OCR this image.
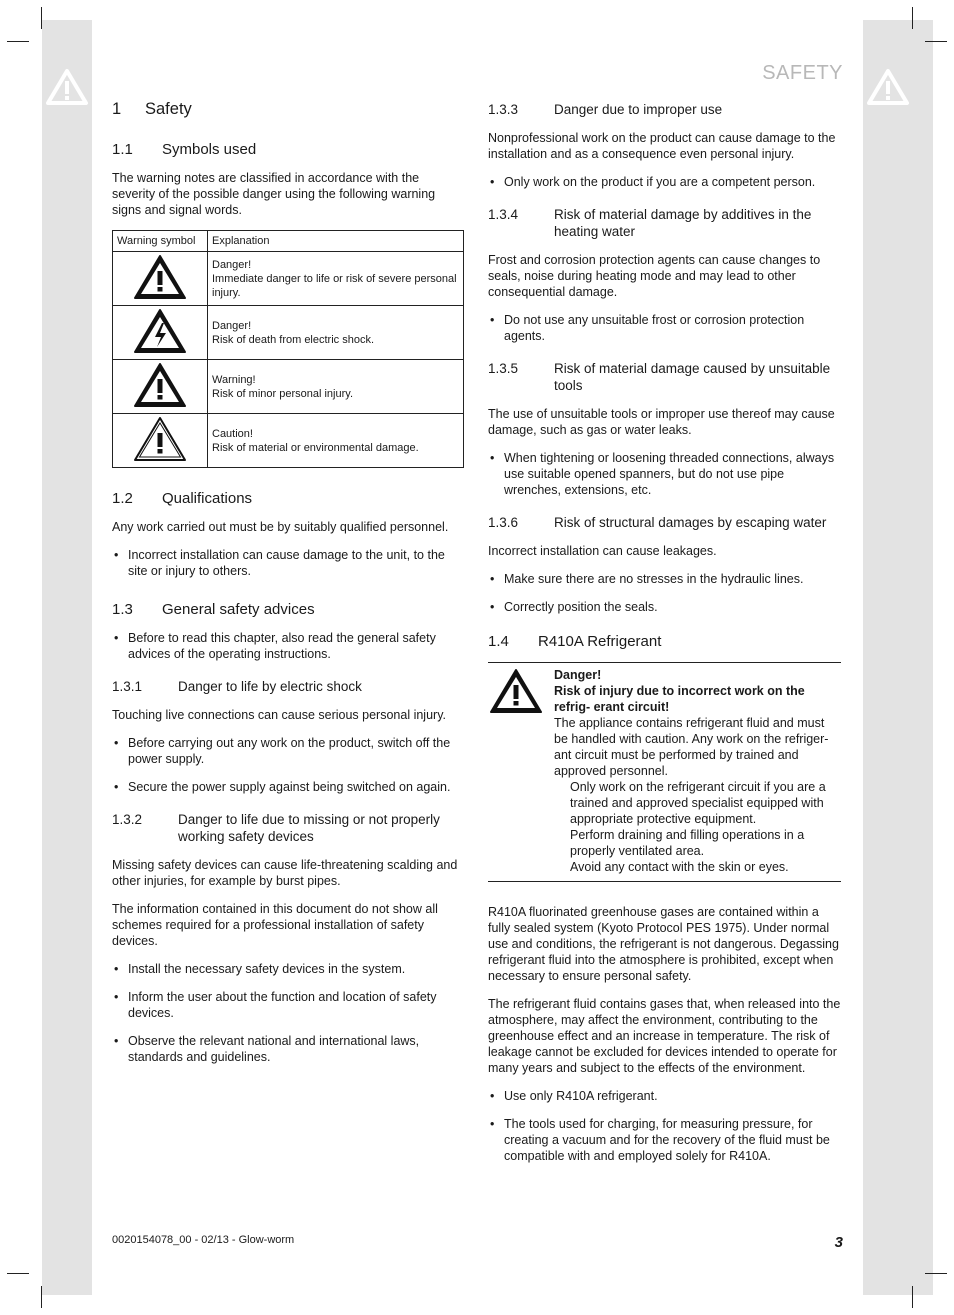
SAFETY
1	Safety
1.1	Symbols used

The warning notes are classified in accordance with the severity of the possible danger using the following warning signs and signal words.

Warning symbol	Explanation

Danger!
Immediate danger to life or risk of severe personal injury.

Danger!
Risk of death from electric shock.

Warning!
Risk of minor personal injury.

Caution!
Risk of material or environmental damage.
1.2	Qualifications

Any work carried out must be by suitably qualified personnel.

• Incorrect installation can cause damage to the unit, to the site or injury to others.
1.3	General safety advices
• Before to read this chapter, also read the general safety advices of the operating instructions.
1.3.1	Danger to life by electric shock

Touching live connections can cause serious personal injury.

• Before carrying out any work on the product, switch off the power supply.
• Secure the power supply against being switched on again.
1.3.2	Danger to life due to missing or not properly working safety devices

Missing safety devices can cause life-threatening scalding and other injuries, for example by burst pipes.

The information contained in this document do not show all schemes required for a professional installation of safety devices.

• Install the necessary safety devices in the system.
• Inform the user about the function and location of safety devices.
• Observe the relevant national and international laws, standards and guidelines.
1.3.3	Danger due to improper use

Nonprofessional work on the product can cause damage to the installation and as a consequence even personal injury.

• Only work on the product if you are a competent person.
1.3.4	Risk of material damage by additives in the heating water

Frost and corrosion protection agents can cause changes to seals, noise during heating mode and may lead to other consequential damage.

• Do not use any unsuitable frost or corrosion protection agents.
1.3.5	Risk of material damage caused by unsuitable tools

The use of unsuitable tools or improper use thereof may cause damage, such as gas or water leaks.

• When tightening or loosening threaded connections, always use suitable opened spanners, but do not use pipe wrenches, extensions, etc.
1.3.6	Risk of structural damages by escaping water

Incorrect installation can cause leakages.

• Make sure there are no stresses in the hydraulic lines.
• Correctly position the seals.
1.4	R410A Refrigerant
Danger!
Risk of injury due to incorrect work on the refrig- erant circuit!
The appliance contains refrigerant fluid and must be handled with caution. Any work on the refriger- ant circuit must be performed by trained and approved personnel.
Only work on the refrigerant circuit if you are a trained and approved specialist equipped with appropriate protective equipment.
Perform draining and filling operations in a properly ventilated area.
Avoid any contact with the skin or eyes.

R410A fluorinated greenhouse gases are contained within a fully sealed system (Kyoto Protocol PES 1975). Under normal use and conditions, the refrigerant is not dangerous. Degassing refrigerant fluid into the atmosphere is prohibited, except when necessary to ensure personal safety.

The refrigerant fluid contains gases that, when released into the atmosphere, may affect the environment, contributing to the greenhouse effect and an increase in temperature. The risk of leakage cannot be excluded for devices intended to operate for many years and subject to the effects of the environment.

• Use only R410A refrigerant.
• The tools used for charging, for measuring pressure, for creating a vacuum and for the recovery of the fluid must be compatible with and employed solely for R410A.
0020154078_00 - 02/13 - Glow-worm	3
